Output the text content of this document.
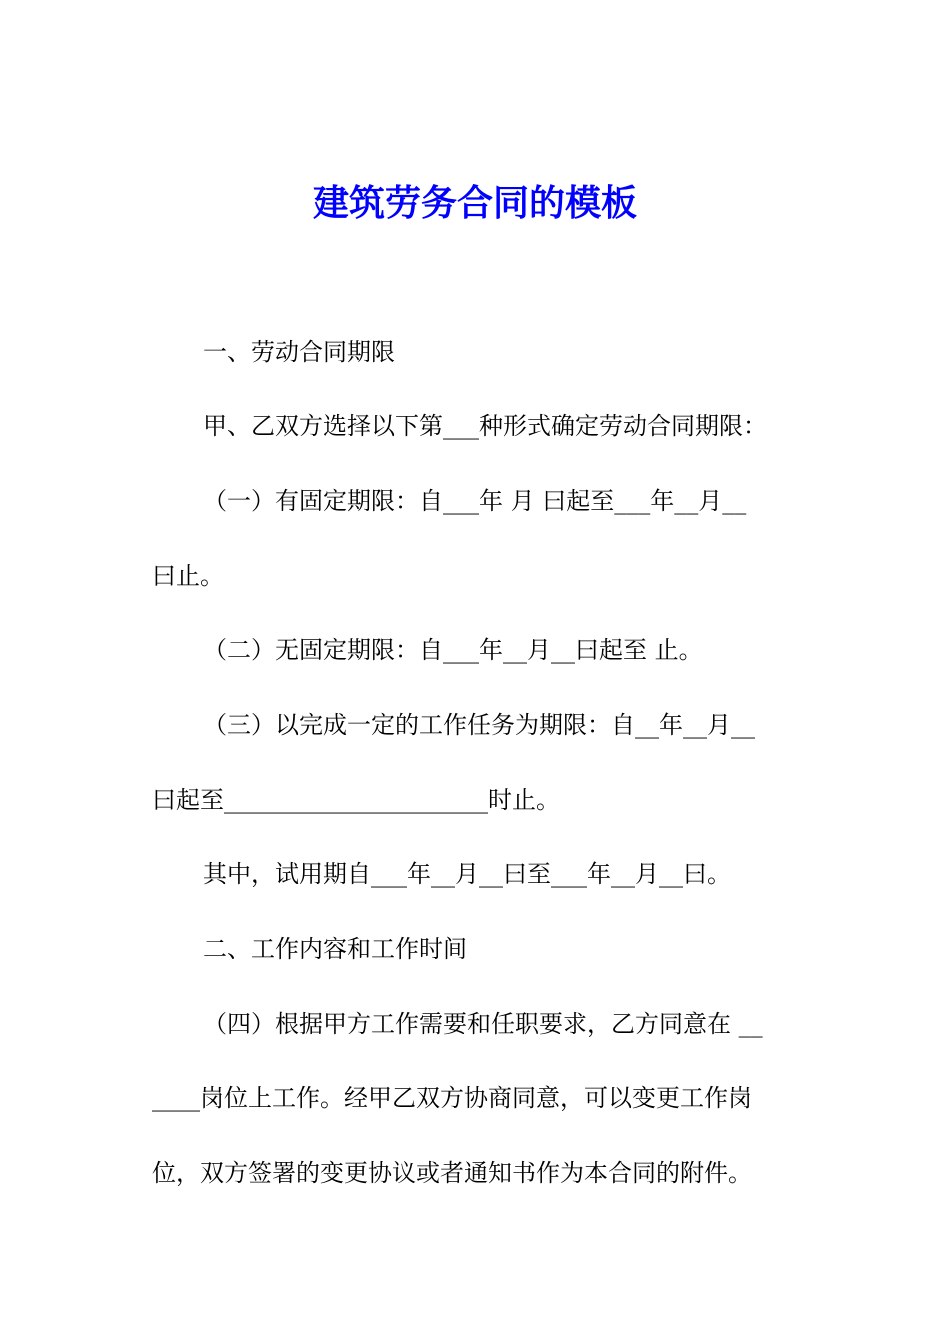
建筑劳务合同的模板
一、劳动合同期限
甲、乙双方选择以下第___种形式确定劳动合同期限：
（一）有固定期限：自___年 月 曰起至___年__月__
曰止。
（二）无固定期限：自___年__月__曰起至 止。
（三）以完成一定的工作任务为期限：自__年__月__
曰起至______________________时止。
其中，试用期自___年__月__曰至___年__月__曰。
二、工作内容和工作时间
（四）根据甲方工作需要和任职要求，乙方同意在 __
____岗位上工作。经甲乙双方协商同意，可以变更工作岗
位，双方签署的变更协议或者通知书作为本合同的附件。
